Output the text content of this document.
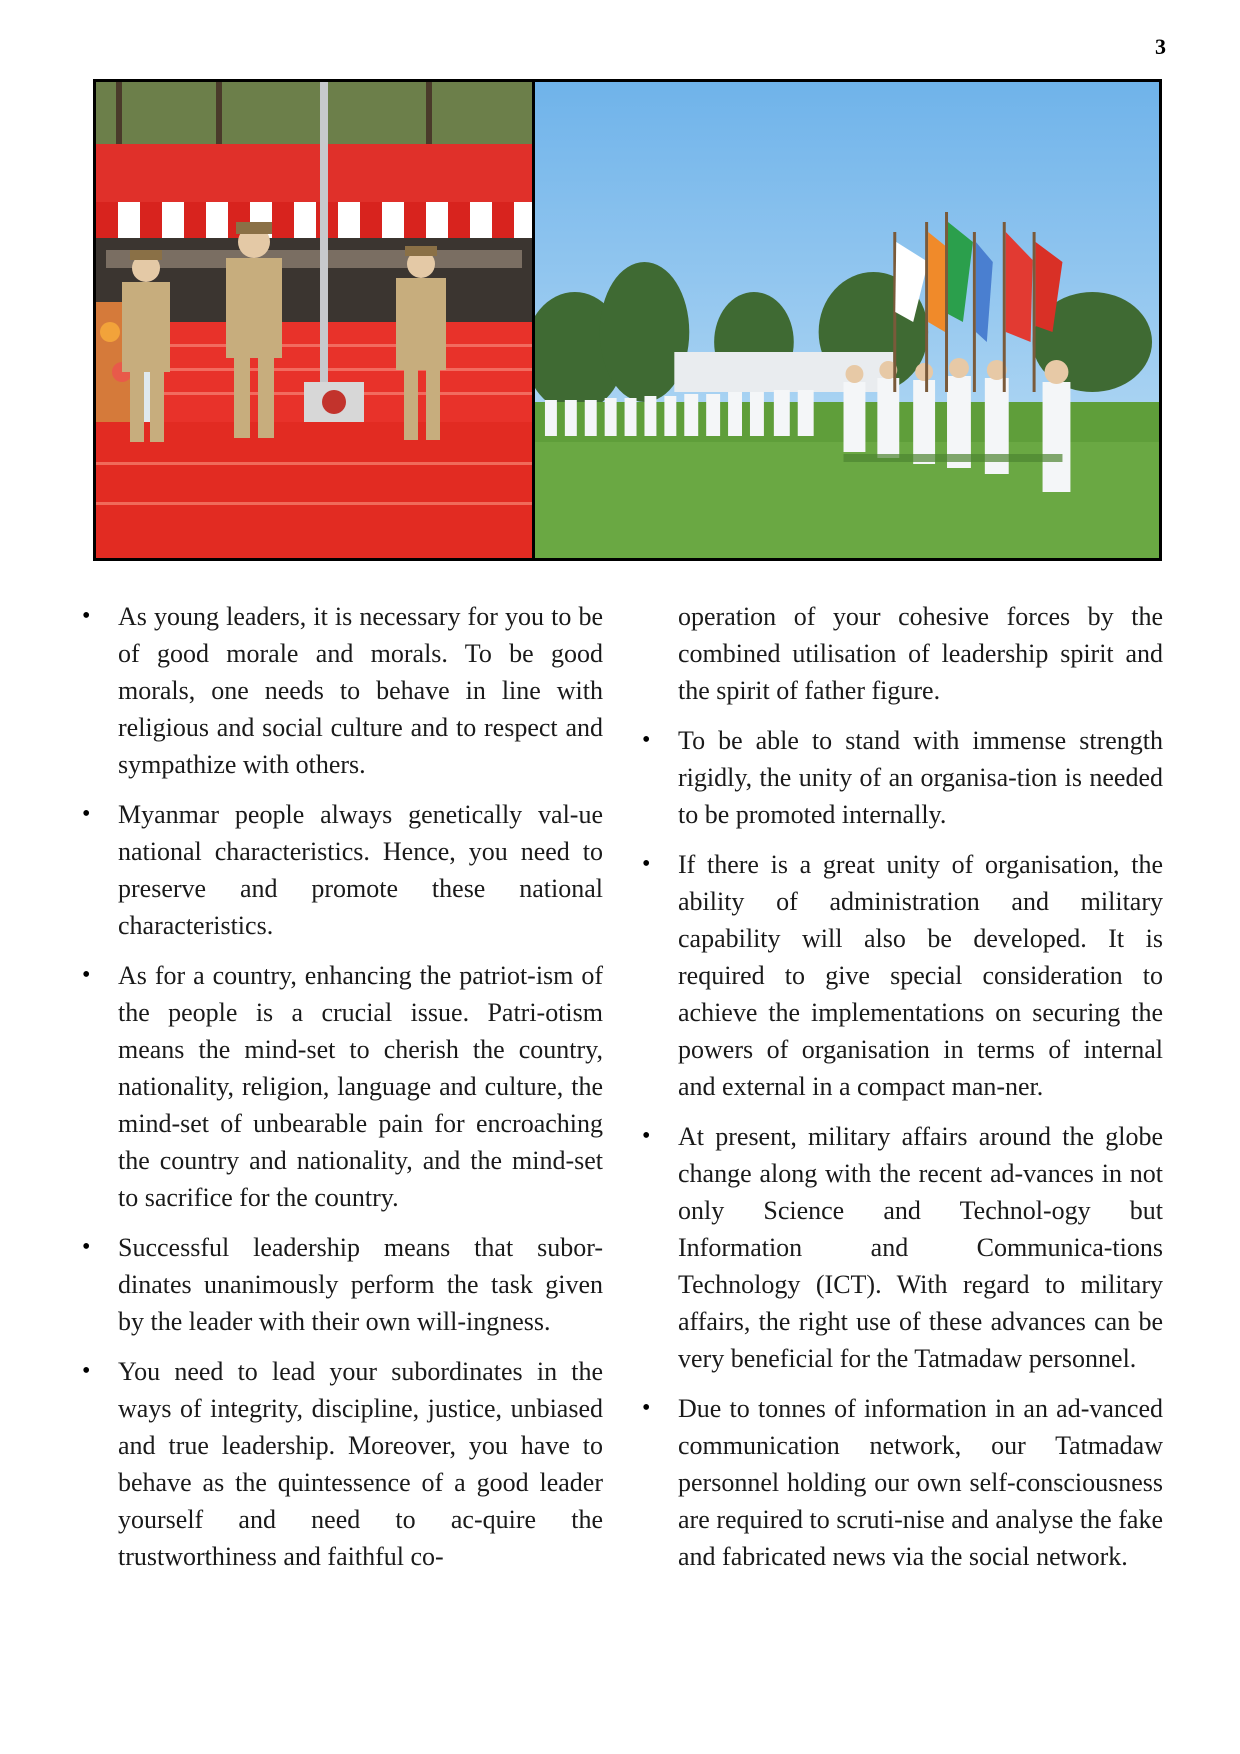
3

• As young leaders, it is necessary for you to be of good morale and morals. To be good morals, one needs to behave in line with religious and social culture and to respect and sympathize with others.

• Myanmar people always genetically val-ue national characteristics. Hence, you need to preserve and promote these national characteristics.

• As for a country, enhancing the patriot-ism of the people is a crucial issue. Patri-otism means the mind-set to cherish the country, nationality, religion, language and culture, the mind-set of unbearable pain for encroaching the country and nationality, and the mind-set to sacrifice for the country.

• Successful leadership means that subor-dinates unanimously perform the task given by the leader with their own will-ingness.

• You need to lead your subordinates in the ways of integrity, discipline, justice, unbiased and true leadership. Moreover, you have to behave as the quintessence of a good leader yourself and need to ac-quire the trustworthiness and faithful co-

operation of your cohesive forces by the combined utilisation of leadership spirit and the spirit of father figure.

• To be able to stand with immense strength rigidly, the unity of an organisa-tion is needed to be promoted internally.

• If there is a great unity of organisation, the ability of administration and military capability will also be developed. It is required to give special consideration to achieve the implementations on securing the powers of organisation in terms of internal and external in a compact man-ner.

• At present, military affairs around the globe change along with the recent ad-vances in not only Science and Technol-ogy but Information and Communica-tions Technology (ICT). With regard to military affairs, the right use of these advances can be very beneficial for the Tatmadaw personnel.

• Due to tonnes of information in an ad-vanced communication network, our Tatmadaw personnel holding our own self-consciousness are required to scruti-nise and analyse the fake and fabricated news via the social network.
